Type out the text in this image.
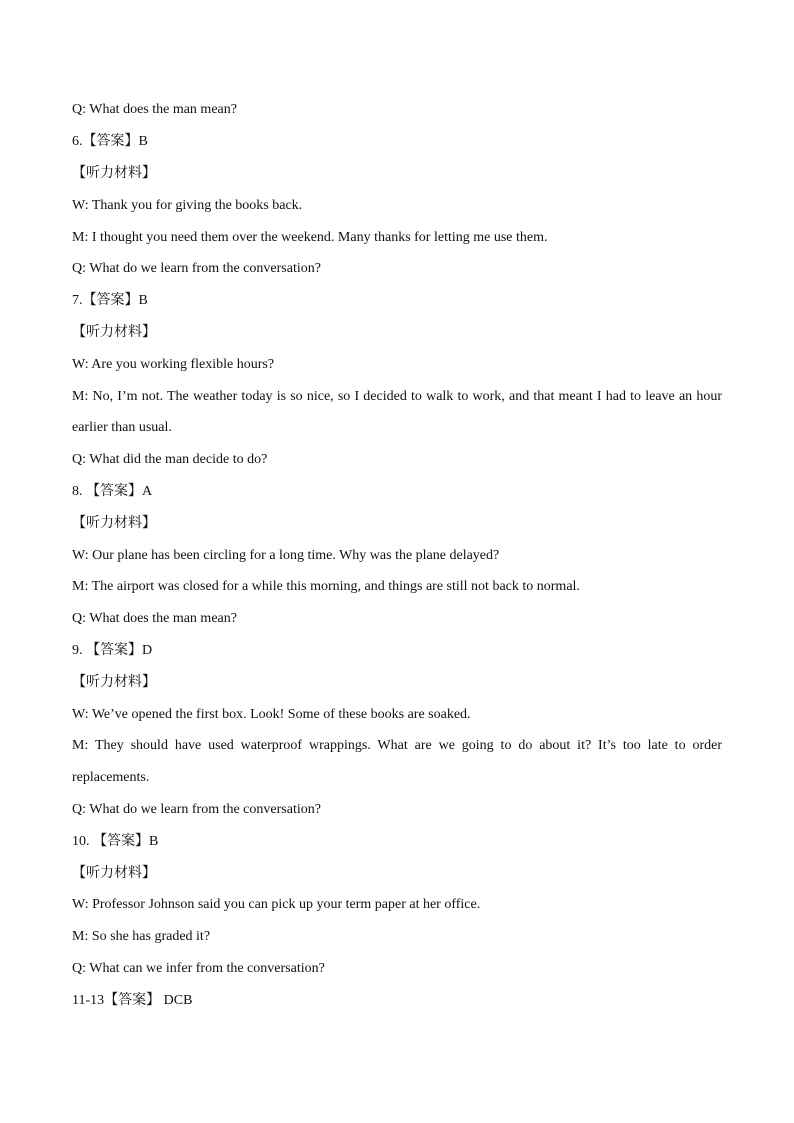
Q: What does the man mean?
6.【答案】B
【听力材料】
W: Thank you for giving the books back.
M: I thought you need them over the weekend. Many thanks for letting me use them.
Q: What do we learn from the conversation?
7.【答案】B
【听力材料】
W: Are you working flexible hours?
M: No, I’m not. The weather today is so nice, so I decided to walk to work, and that meant I had to leave an hour
earlier than usual.
Q: What did the man decide to do?
8. 【答案】A
【听力材料】
W: Our plane has been circling for a long time. Why was the plane delayed?
M: The airport was closed for a while this morning, and things are still not back to normal.
Q: What does the man mean?
9. 【答案】D
【听力材料】
W: We’ve opened the first box. Look! Some of these books are soaked.
M: They should have used waterproof wrappings. What are we going to do about it? It’s too late to order
replacements.
Q: What do we learn from the conversation?
10. 【答案】B
【听力材料】
W: Professor Johnson said you can pick up your term paper at her office.
M: So she has graded it?
Q: What can we infer from the conversation?
11-13【答案】 DCB
